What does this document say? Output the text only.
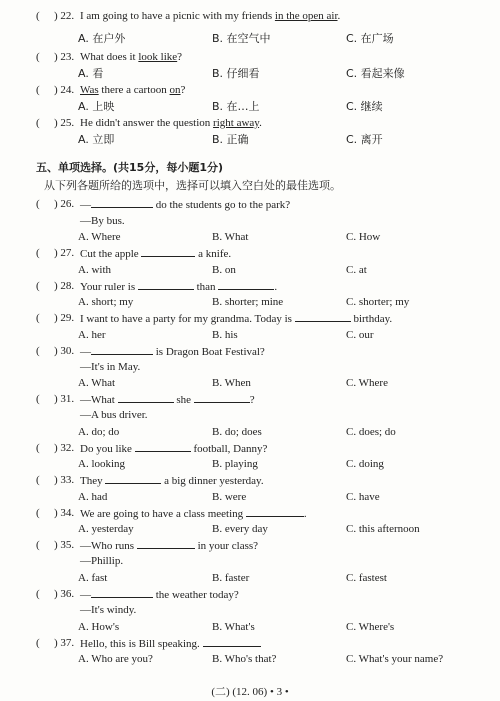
( ) 22. I am going to have a picnic with my friends in the open air.
A. 在户外	B. 在空气中	C. 在广场
( ) 23. What does it look like?
A. 看	B. 仔细看	C. 看起来像
( ) 24. Was there a cartoon on?
A. 上映	B. 在…上	C. 继续
( ) 25. He didn't answer the question right away.
A. 立即	B. 正确	C. 离开
五、单项选择。(共15分，每小题1分)
从下列各题所给的选项中，选择可以填入空白处的最佳选项。
( ) 26. —	do the students go to the park?
—By bus.
A. Where	B. What	C. How
( ) 27. Cut the apple	a knife.
A. with	B. on	C. at
( ) 28. Your ruler is	than	.
A. short; my	B. shorter; mine	C. shorter; my
( ) 29. I want to have a party for my grandma. Today is	birthday.
A. her	B. his	C. our
( ) 30. —	is Dragon Boat Festival?
—It's in May.
A. What	B. When	C. Where
( ) 31. —What	she	?
—A bus driver.
A. do; do	B. do; does	C. does; do
( ) 32. Do you like	football, Danny?
A. looking	B. playing	C. doing
( ) 33. They	a big dinner yesterday.
A. had	B. were	C. have
( ) 34. We are going to have a class meeting	.
A. yesterday	B. every day	C. this afternoon
( ) 35. —Who runs	in your class?
—Phillip.
A. fast	B. faster	C. fastest
( ) 36. —	the weather today?
—It's windy.
A. How's	B. What's	C. Where's
( ) 37. Hello, this is Bill speaking.
A. Who are you?	B. Who's that?	C. What's your name?
(二) (12. 06) • 3 •
